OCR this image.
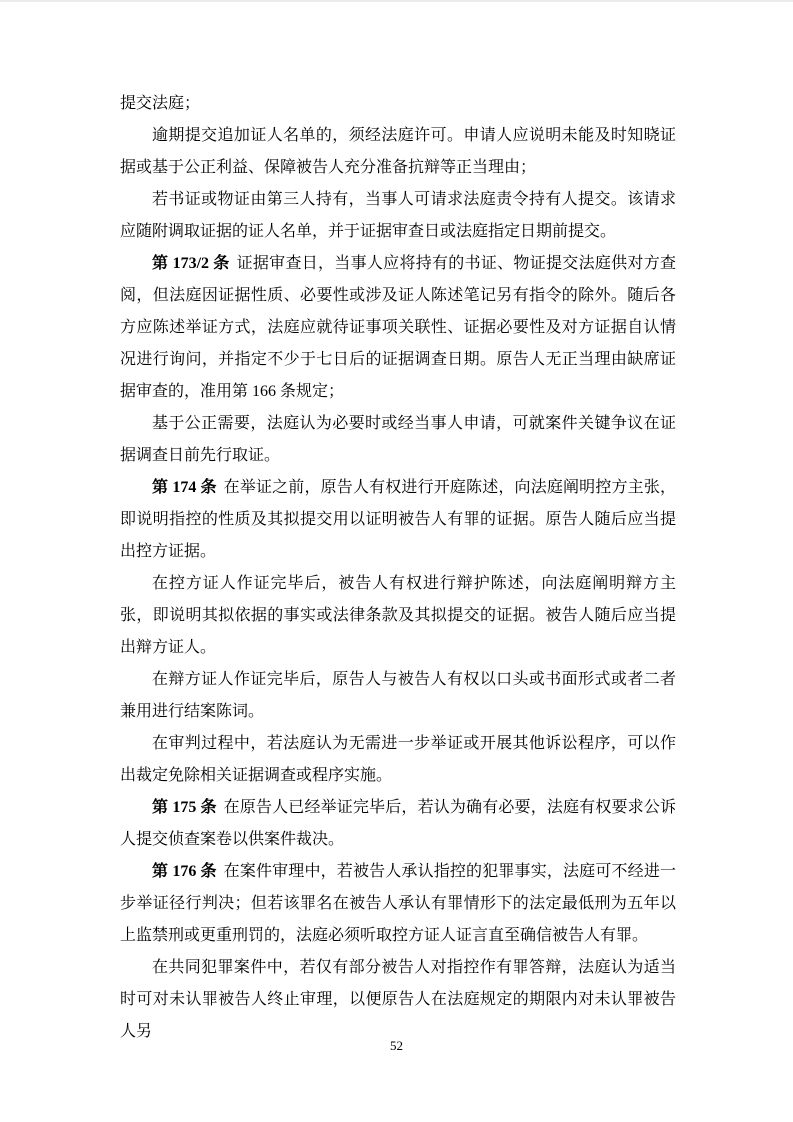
提交法庭；

逾期提交追加证人名单的，须经法庭许可。申请人应说明未能及时知晓证据或基于公正利益、保障被告人充分准备抗辩等正当理由；

若书证或物证由第三人持有，当事人可请求法庭责令持有人提交。该请求应随附调取证据的证人名单，并于证据审查日或法庭指定日期前提交。

第 173/2 条 证据审查日，当事人应将持有的书证、物证提交法庭供对方查阅，但法庭因证据性质、必要性或涉及证人陈述笔记另有指令的除外。随后各方应陈述举证方式，法庭应就待证事项关联性、证据必要性及对方证据自认情况进行询问，并指定不少于七日后的证据调查日期。原告人无正当理由缺席证据审查的，准用第 166 条规定；

基于公正需要，法庭认为必要时或经当事人申请，可就案件关键争议在证据调查日前先行取证。

第 174 条 在举证之前，原告人有权进行开庭陈述，向法庭阐明控方主张，即说明指控的性质及其拟提交用以证明被告人有罪的证据。原告人随后应当提出控方证据。

在控方证人作证完毕后，被告人有权进行辩护陈述，向法庭阐明辩方主张，即说明其拟依据的事实或法律条款及其拟提交的证据。被告人随后应当提出辩方证人。

在辩方证人作证完毕后，原告人与被告人有权以口头或书面形式或者二者兼用进行结案陈词。

在审判过程中，若法庭认为无需进一步举证或开展其他诉讼程序，可以作出裁定免除相关证据调查或程序实施。

第 175 条 在原告人已经举证完毕后，若认为确有必要，法庭有权要求公诉人提交侦查案卷以供案件裁决。

第 176 条 在案件审理中，若被告人承认指控的犯罪事实，法庭可不经进一步举证径行判决；但若该罪名在被告人承认有罪情形下的法定最低刑为五年以上监禁刑或更重刑罚的，法庭必须听取控方证人证言直至确信被告人有罪。

在共同犯罪案件中，若仅有部分被告人对指控作有罪答辩，法庭认为适当时可对未认罪被告人终止审理，以便原告人在法庭规定的期限内对未认罪被告人另

52
